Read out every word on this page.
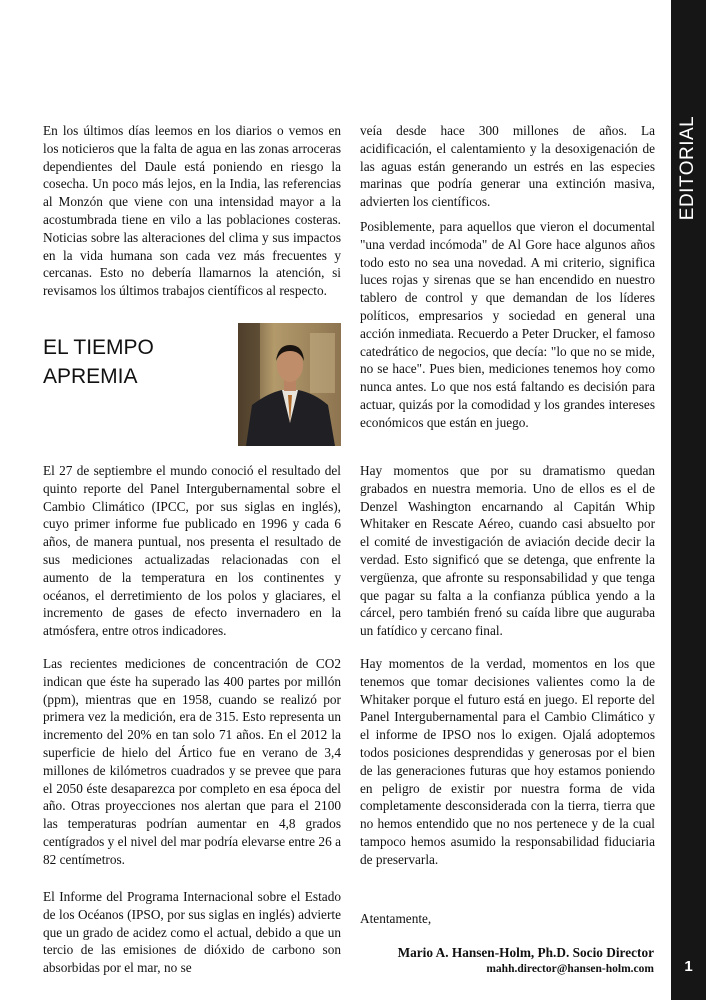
EDITORIAL
1

En los últimos días leemos en los diarios o vemos en los noticieros que la falta de agua en las zonas arroceras dependientes del Daule está poniendo en riesgo la cosecha. Un poco más lejos, en la India, las referencias al Monzón que viene con una intensidad mayor a la acostumbrada tiene en vilo a las poblaciones costeras. Noticias sobre las alteraciones del clima y sus impactos en la vida humana son cada vez más frecuentes y cercanas. Esto no debería llamarnos la atención, si revisamos los últimos trabajos científicos al respecto.

EL TIEMPO
APREMIA

El 27 de septiembre el mundo conoció el resultado del quinto reporte del Panel Intergubernamental sobre el Cambio Climático (IPCC, por sus siglas en inglés), cuyo primer informe fue publicado en 1996 y cada 6 años, de manera puntual, nos presenta el resultado de sus mediciones actualizadas relacionadas con el aumento de la temperatura en los continentes y océanos, el derretimiento de los polos y glaciares, el incremento de gases de efecto invernadero en la atmósfera, entre otros indicadores.

Las recientes mediciones de concentración de CO2 indican que éste ha superado las 400 partes por millón (ppm), mientras que en 1958, cuando se realizó por primera vez la medición, era de 315. Esto representa un incremento del 20% en tan solo 71 años. En el 2012 la superficie de hielo del Ártico fue en verano de 3,4 millones de kilómetros cuadrados y se prevee que para el 2050 éste desaparezca por completo en esa época del año. Otras proyecciones nos alertan que para el 2100 las temperaturas podrían aumentar en 4,8 grados centígrados y el nivel del mar podría elevarse entre 26 a 82 centímetros.

El Informe del Programa Internacional sobre el Estado de los Océanos (IPSO, por sus siglas en inglés) advierte que un grado de acidez como el actual, debido a que un tercio de las emisiones de dióxido de carbono son absorbidas por el mar, no se

veía desde hace 300 millones de años. La acidificación, el calentamiento y la desoxigenación de las aguas están generando un estrés en las especies marinas que podría generar una extinción masiva, advierten los científicos.

Posiblemente, para aquellos que vieron el documental "una verdad incómoda" de Al Gore hace algunos años todo esto no sea una novedad. A mi criterio, significa luces rojas y sirenas que se han encendido en nuestro tablero de control y que demandan de los líderes políticos, empresarios y sociedad en general una acción inmediata. Recuerdo a Peter Drucker, el famoso catedrático de negocios, que decía: "lo que no se mide, no se hace". Pues bien, mediciones tenemos hoy como nunca antes. Lo que nos está faltando es decisión para actuar, quizás por la comodidad y los grandes intereses económicos que están en juego.

Hay momentos que por su dramatismo quedan grabados en nuestra memoria. Uno de ellos es el de Denzel Washington encarnando al Capitán Whip Whitaker en Rescate Aéreo, cuando casi absuelto por el comité de investigación de aviación decide decir la verdad. Esto significó que se detenga, que enfrente la vergüenza, que afronte su responsabilidad y que tenga que pagar su falta a la confianza pública yendo a la cárcel, pero también frenó su caída libre que auguraba un fatídico y cercano final.

Hay momentos de la verdad, momentos en los que tenemos que tomar decisiones valientes como la de Whitaker porque el futuro está en juego. El reporte del Panel Intergubernamental para el Cambio Climático y el informe de IPSO nos lo exigen. Ojalá adoptemos todos posiciones desprendidas y generosas por el bien de las generaciones futuras que hoy estamos poniendo en peligro de existir por nuestra forma de vida completamente desconsiderada con la tierra, tierra que no hemos entendido que no nos pertenece y de la cual tampoco hemos asumido la responsabilidad fiduciaria de preservarla.

Atentamente,

Mario A. Hansen-Holm, Ph.D. Socio Director
mahh.director@hansen-holm.com
